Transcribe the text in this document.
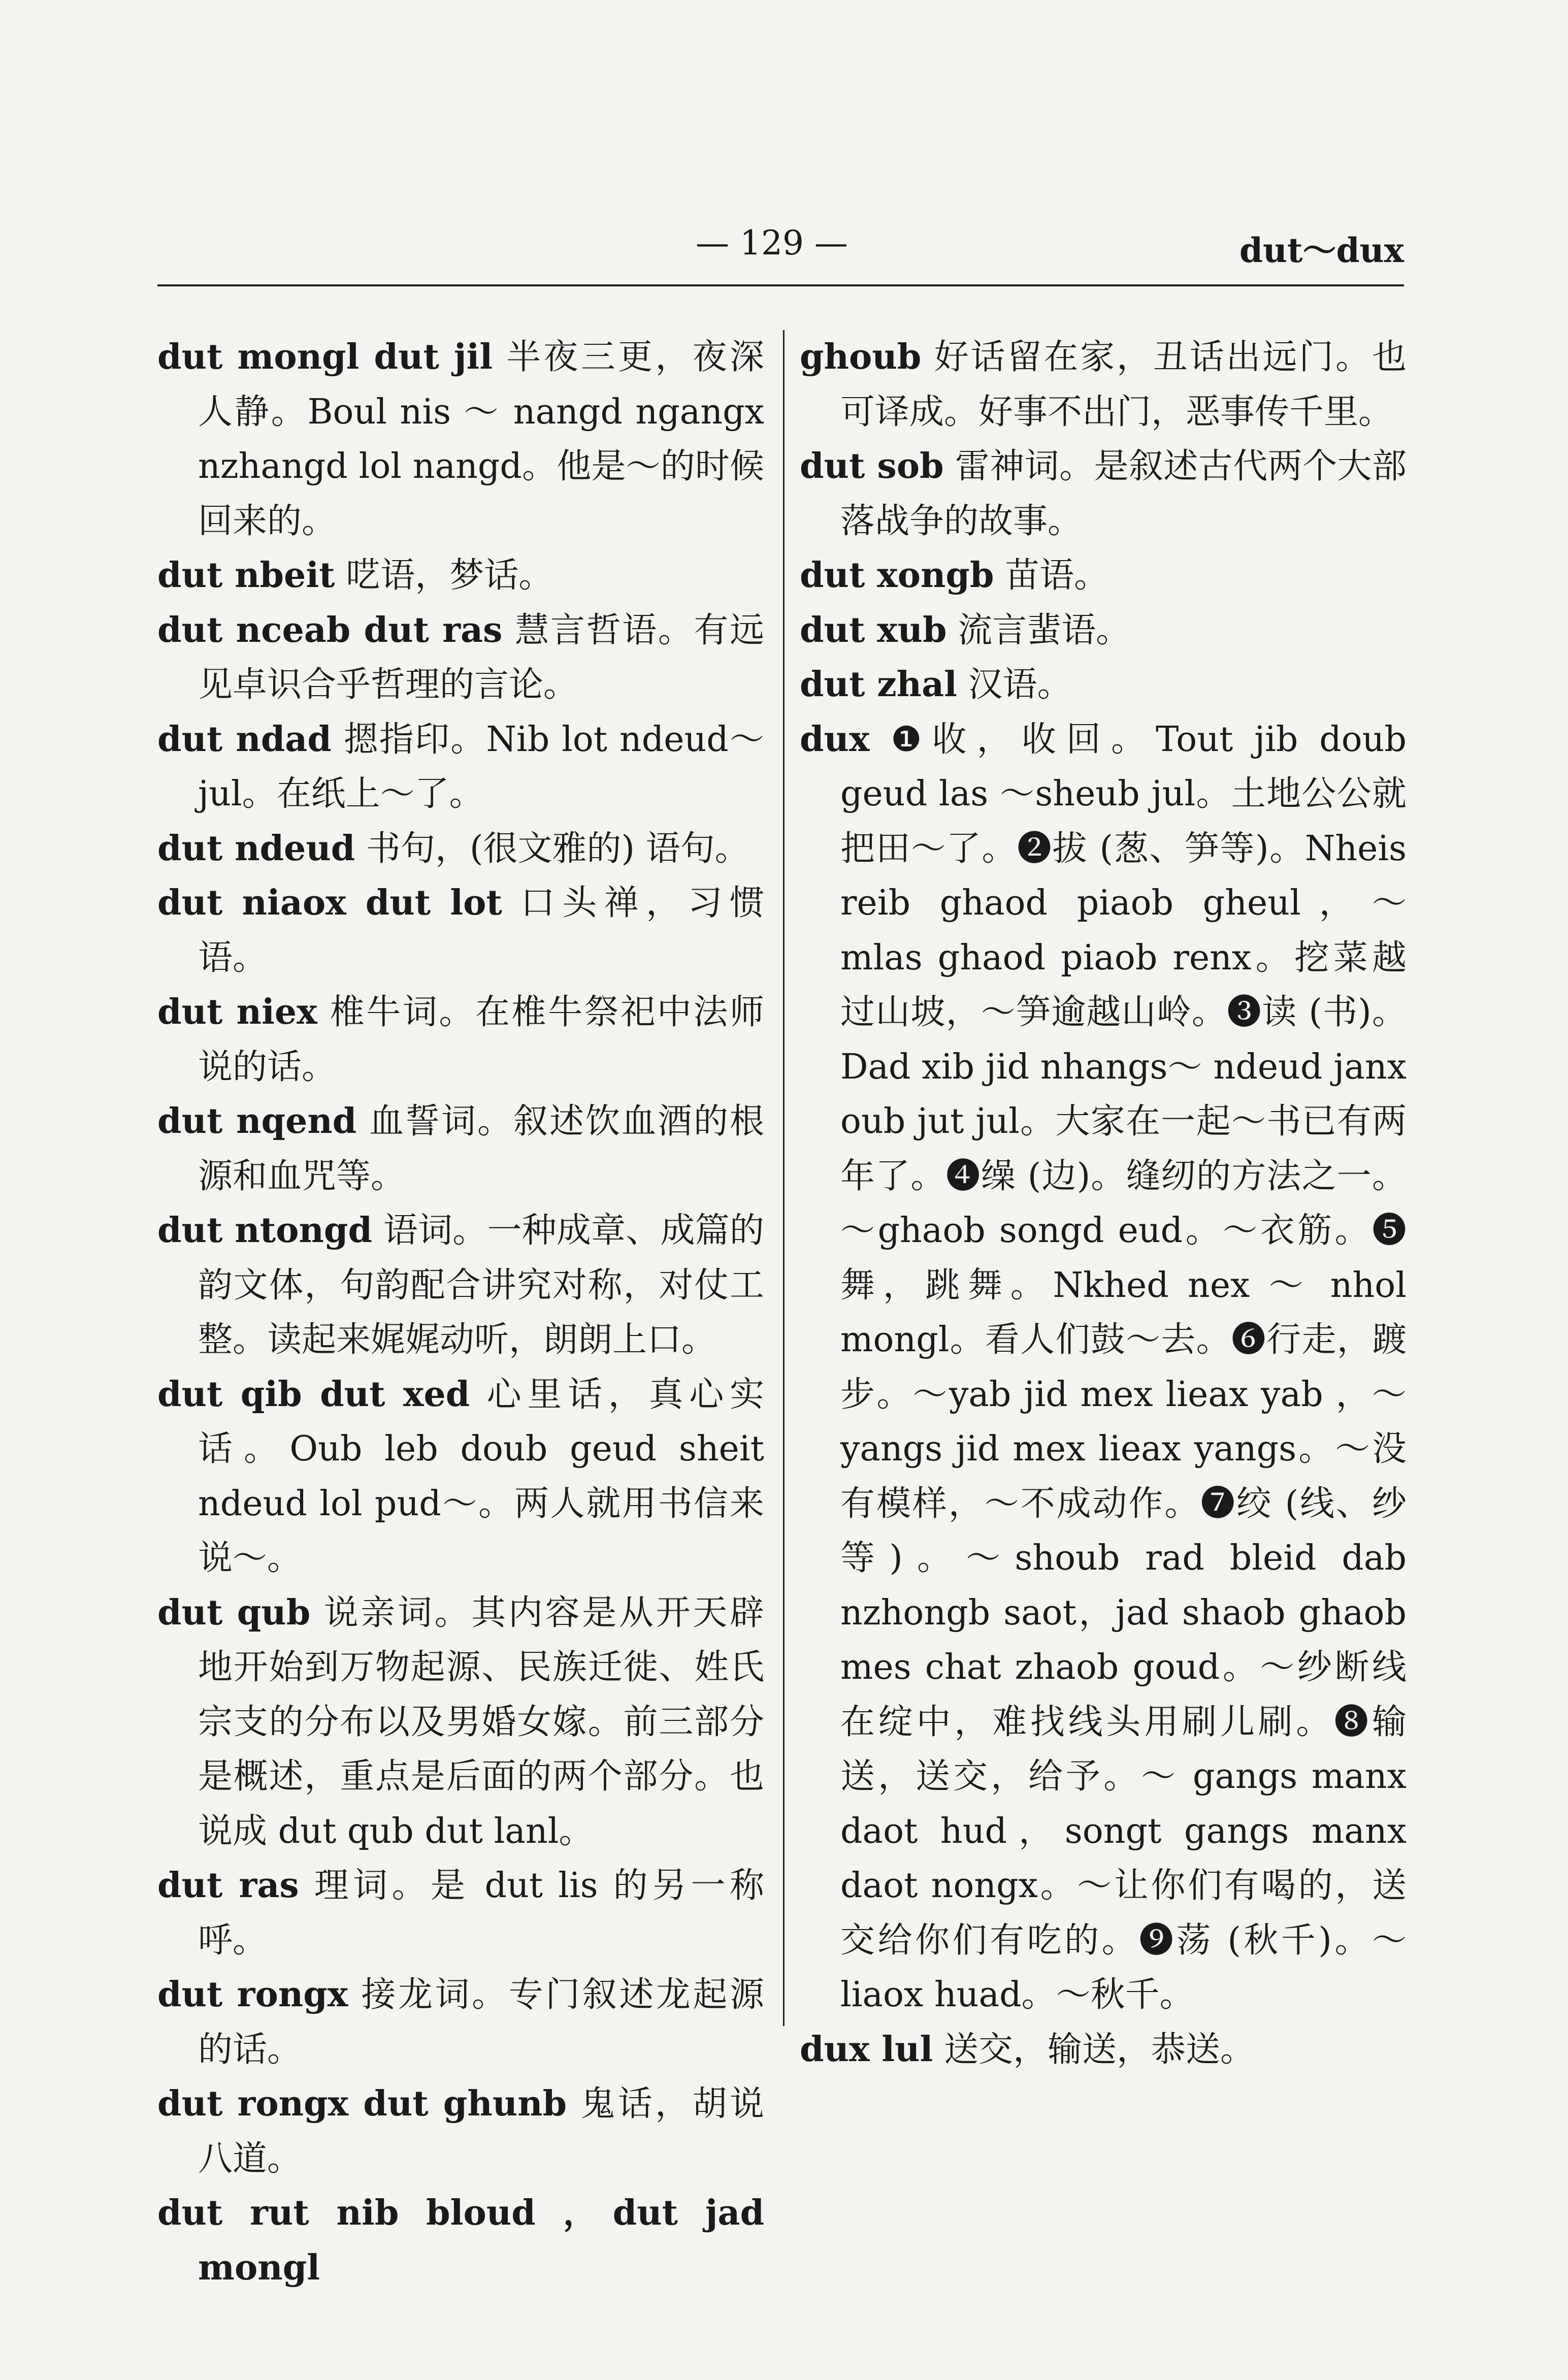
— 129 —	dut～dux

dut mongl dut jil 半夜三更，夜深人静。Boul nis ～ nangd ngangx nzhangd lol nangd。他是～的时候回来的。

dut nbeit 呓语，梦话。

dut nceab dut ras 慧言哲语。有远见卓识合乎哲理的言论。

dut ndad 摁指印。Nib lot ndeud～jul。在纸上～了。

dut ndeud 书句，(很文雅的) 语句。

dut niaox dut lot 口头禅，习惯语。

dut niex 椎牛词。在椎牛祭祀中法师说的话。

dut nqend 血誓词。叙述饮血酒的根源和血咒等。

dut ntongd 语词。一种成章、成篇的韵文体，句韵配合讲究对称，对仗工整。读起来娓娓动听，朗朗上口。

dut qib dut xed 心里话，真心实话。Oub leb doub geud sheit ndeud lol pud～。两人就用书信来说～。

dut qub 说亲词。其内容是从开天辟地开始到万物起源、民族迁徙、姓氏宗支的分布以及男婚女嫁。前三部分是概述，重点是后面的两个部分。也说成 dut qub dut lanl。

dut ras 理词。是 dut lis 的另一称呼。

dut rongx 接龙词。专门叙述龙起源的话。

dut rongx dut ghunb 鬼话，胡说八道。

dut rut nib bloud ，dut jad mongl

ghoub 好话留在家，丑话出远门。也可译成。好事不出门，恶事传千里。

dut sob 雷神词。是叙述古代两个大部落战争的故事。

dut xongb 苗语。

dut xub 流言蜚语。

dut zhal 汉语。

dux ❶收，收回。Tout jib doub geud las ～sheub jul。土地公公就把田～了。❷拔 (葱、笋等)。Nheis reib ghaod piaob gheul，～ mlas ghaod piaob renx。挖菜越过山坡，～笋逾越山岭。❸读 (书)。Dad xib jid nhangs～ ndeud janx oub jut jul。大家在一起～书已有两年了。❹缲 (边)。缝纫的方法之一。～ghaob songd eud。～衣筋。❺舞，跳舞。Nkhed nex ～ nhol mongl。看人们鼓～去。❻行走，踱步。～yab jid mex lieax yab ，～yangs jid mex lieax yangs。～没有模样，～不成动作。❼绞 (线、纱等)。～shoub rad bleid dab nzhongb saot，jad shaob ghaob mes chat zhaob goud。～纱断线在绽中，难找线头用刷儿刷。❽输送，送交，给予。～ gangs manx daot hud，songt gangs manx daot nongx。～让你们有喝的，送交给你们有吃的。❾荡 (秋千)。～liaox huad。～秋千。

dux lul 送交，输送，恭送。
